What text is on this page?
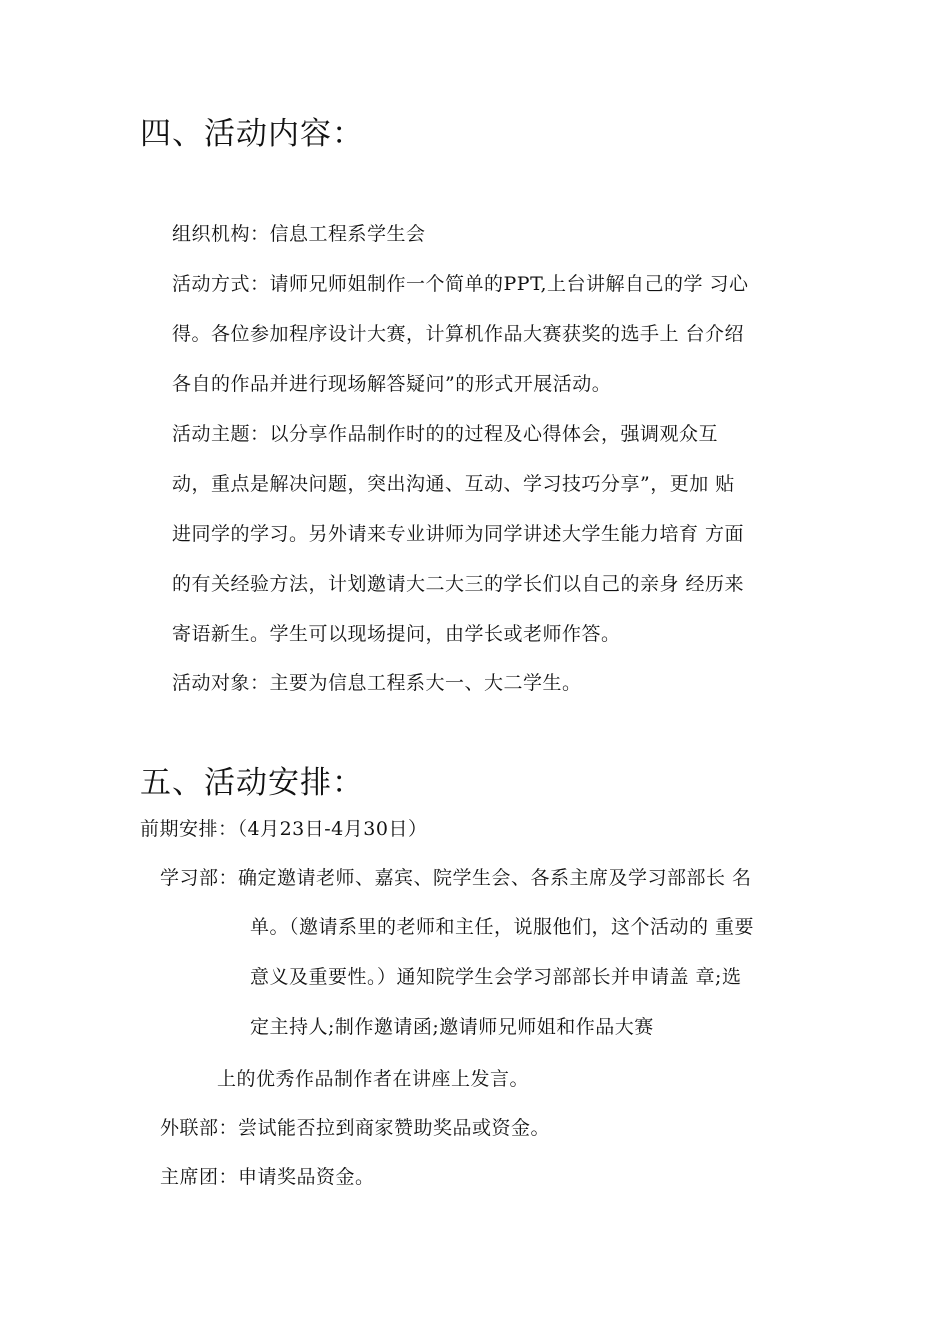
四、活动内容：
组织机构：信息工程系学生会
活动方式：请师兄师姐制作一个简单的PPT,上台讲解自己的学 习心
得。各位参加程序设计大赛，计算机作品大赛获奖的选手上 台介绍
各自的作品并进行现场解答疑问”的形式开展活动。
活动主题：以分享作品制作时的的过程及心得体会，强调观众互
动，重点是解决问题，突出沟通、互动、学习技巧分享”，更加 贴
进同学的学习。另外请来专业讲师为同学讲述大学生能力培育 方面
的有关经验方法，计划邀请大二大三的学长们以自己的亲身 经历来
寄语新生。学生可以现场提问，由学长或老师作答。
活动对象：主要为信息工程系大一、大二学生。
五、活动安排：
前期安排：（4月23日-4月30日）
学习部：确定邀请老师、嘉宾、院学生会、各系主席及学习部部长 名
单。（邀请系里的老师和主任，说服他们，这个活动的 重要
意义及重要性。）通知院学生会学习部部长并申请盖 章;选
定主持人;制作邀请函;邀请师兄师姐和作品大赛
上的优秀作品制作者在讲座上发言。
外联部：尝试能否拉到商家赞助奖品或资金。
主席团：申请奖品资金。
